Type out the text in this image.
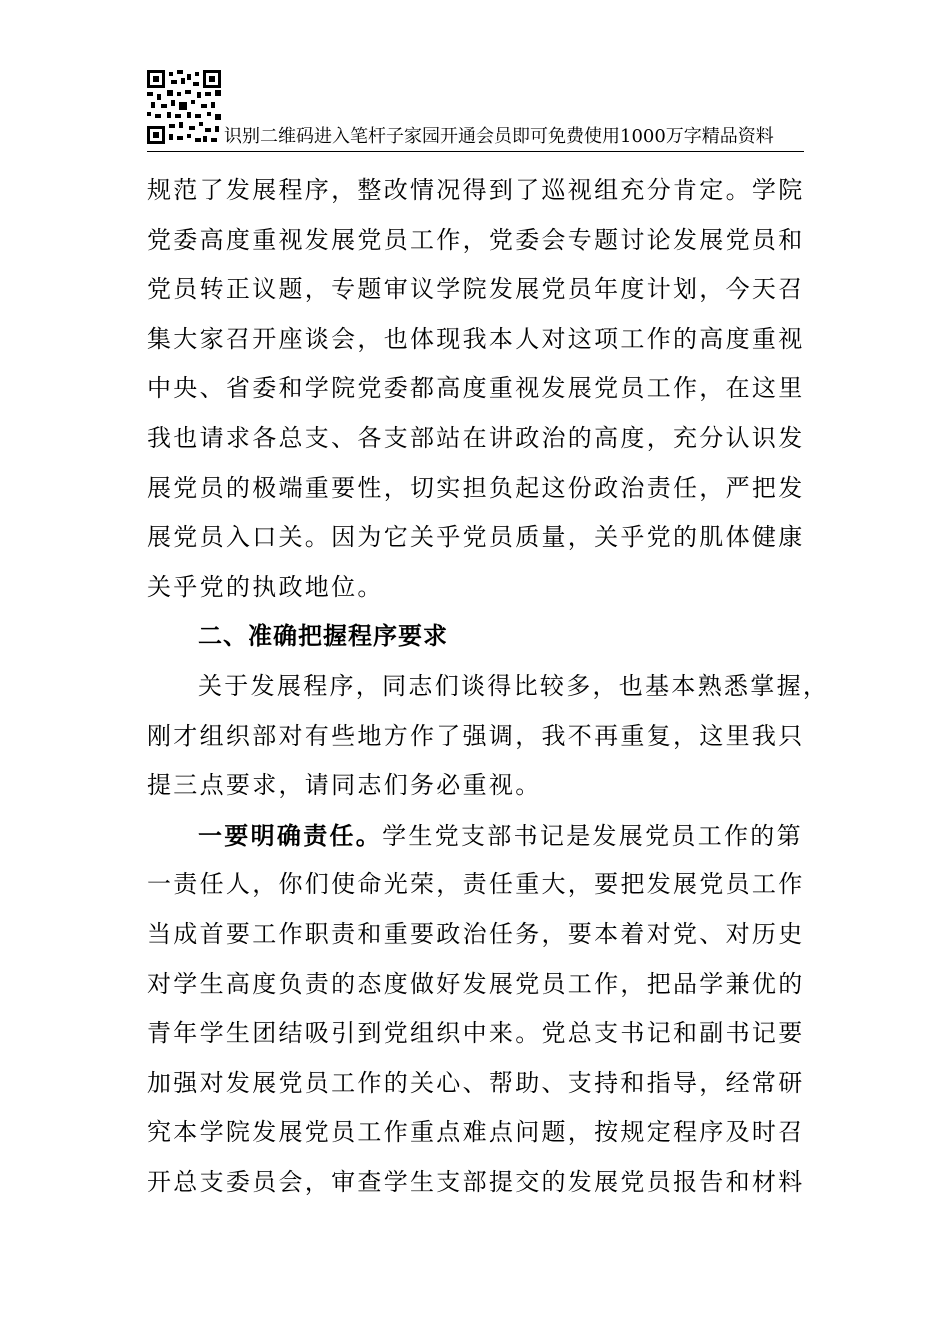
识别二维码进入笔杆子家园开通会员即可免费使用1000万字精品资料
规范了发展程序，整改情况得到了巡视组充分肯定。学院
党委高度重视发展党员工作，党委会专题讨论发展党员和
党员转正议题，专题审议学院发展党员年度计划，今天召
集大家召开座谈会，也体现我本人对这项工作的高度重视
中央、省委和学院党委都高度重视发展党员工作，在这里
我也请求各总支、各支部站在讲政治的高度，充分认识发
展党员的极端重要性，切实担负起这份政治责任，严把发
展党员入口关。因为它关乎党员质量，关乎党的肌体健康
关乎党的执政地位。
二、准确把握程序要求
关于发展程序，同志们谈得比较多，也基本熟悉掌握，
刚才组织部对有些地方作了强调，我不再重复，这里我只
提三点要求，请同志们务必重视。
一要明确责任。学生党支部书记是发展党员工作的第
一责任人，你们使命光荣，责任重大，要把发展党员工作
当成首要工作职责和重要政治任务，要本着对党、对历史
对学生高度负责的态度做好发展党员工作，把品学兼优的
青年学生团结吸引到党组织中来。党总支书记和副书记要
加强对发展党员工作的关心、帮助、支持和指导，经常研
究本学院发展党员工作重点难点问题，按规定程序及时召
开总支委员会，审查学生支部提交的发展党员报告和材料
